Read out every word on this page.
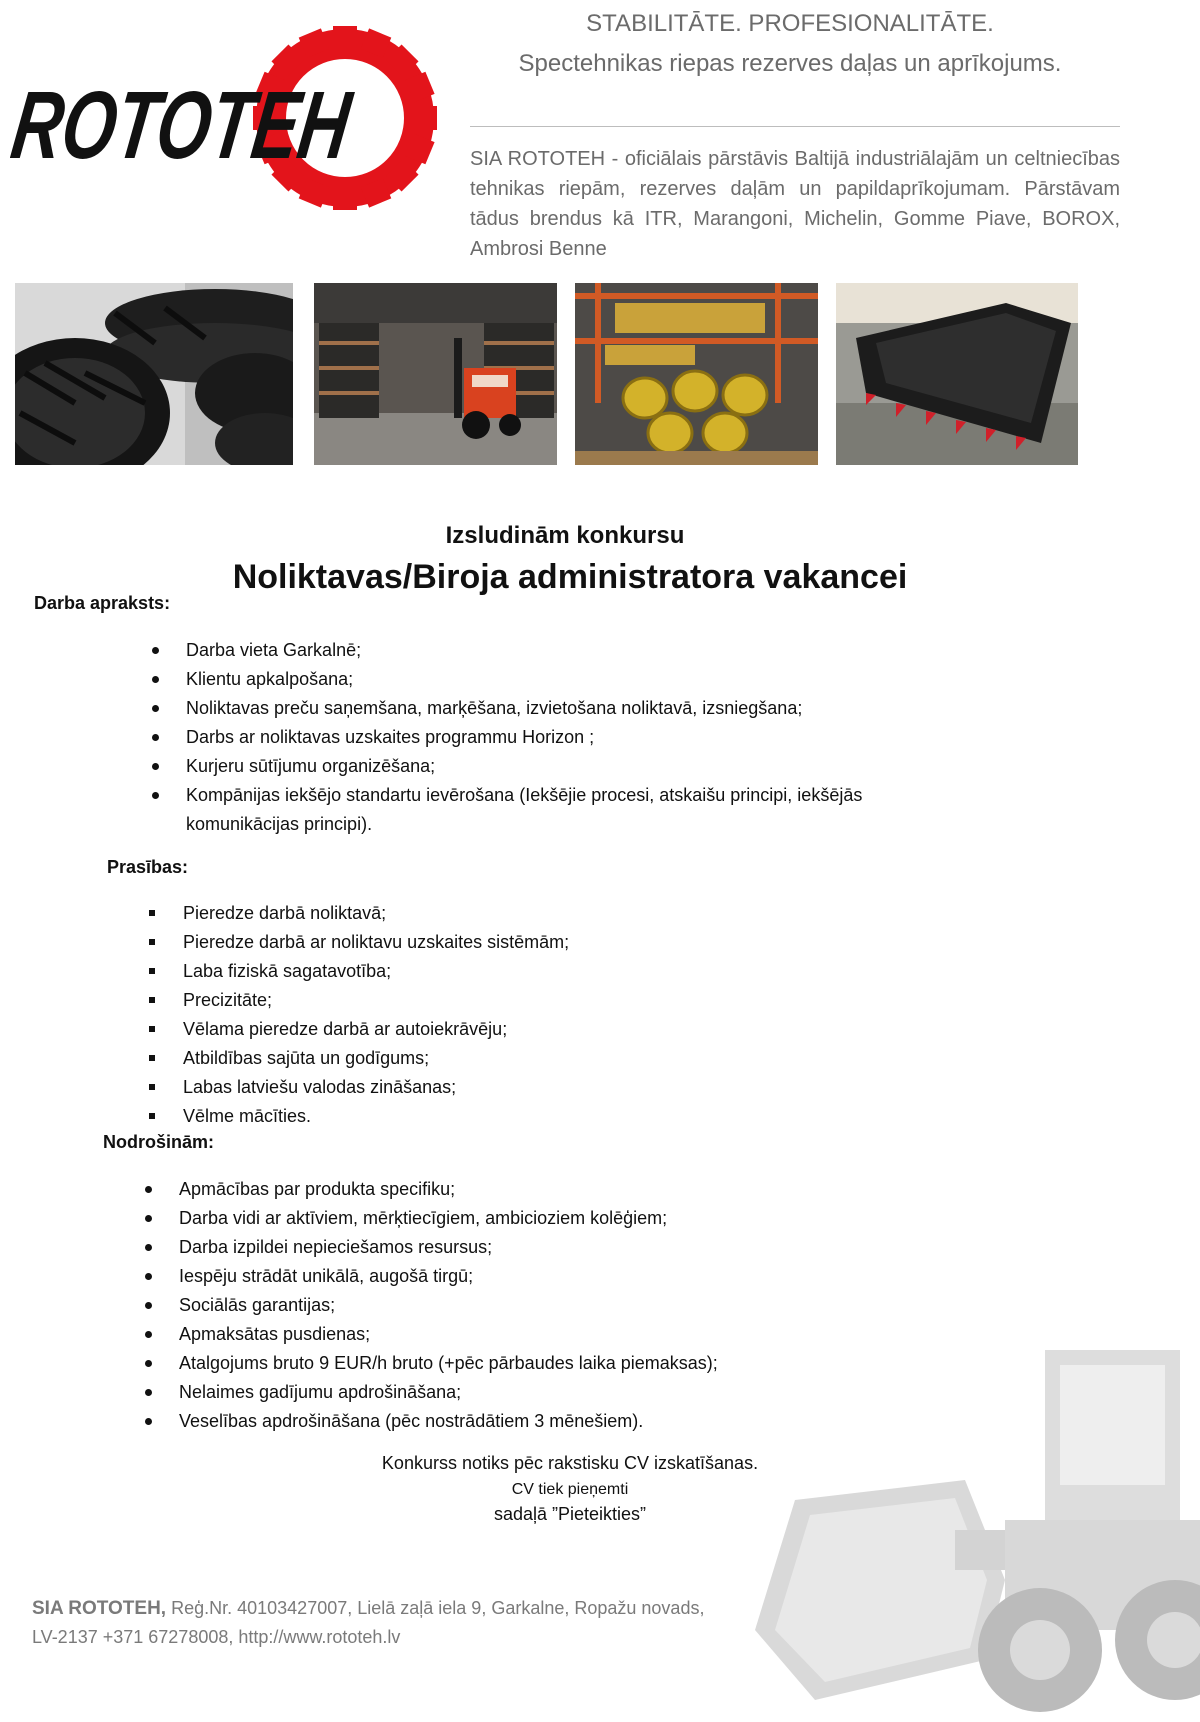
ROTOTEH
STABILITĀTE. PROFESIONALITĀTE.
Spectehnikas riepas rezerves daļas un aprīkojums.

SIA ROTOTEH - oficiālais pārstāvis Baltijā industriālajām un celtniecības tehnikas riepām, rezerves daļām un papildaprīkojumam. Pārstāvam tādus brendus kā ITR, Marangoni, Michelin, Gomme Piave, BOROX, Ambrosi Benne

Izsludinām konkursu
Noliktavas/Biroja administratora vakancei
Darba apraksts:
Darba vieta Garkalnē;
Klientu apkalpošana;
Noliktavas preču saņemšana, marķēšana, izvietošana noliktavā, izsniegšana;
Darbs ar noliktavas uzskaites programmu Horizon ;
Kurjeru sūtījumu organizēšana;
Kompānijas iekšējo standartu ievērošana (Iekšējie procesi, atskaišu principi, iekšējās komunikācijas principi).
Prasības:
Pieredze darbā noliktavā;
Pieredze darbā ar noliktavu uzskaites sistēmām;
Laba fiziskā sagatavotība;
Precizitāte;
Vēlama pieredze darbā ar autoiekrāvēju;
Atbildības sajūta un godīgums;
Labas latviešu valodas zināšanas;
Vēlme mācīties.
Nodrošinām:
Apmācības par produkta specifiku;
Darba vidi ar aktīviem, mērķtiecīgiem, ambicioziem kolēģiem;
Darba izpildei nepieciešamos resursus;
Iespēju strādāt unikālā, augošā tirgū;
Sociālās garantijas;
Apmaksātas pusdienas;
Atalgojums bruto 9 EUR/h bruto (+pēc pārbaudes laika piemaksas);
Nelaimes gadījumu apdrošināšana;
Veselības apdrošināšana (pēc nostrādātiem 3 mēnešiem).
Konkurss notiks pēc rakstisku CV izskatīšanas.
CV tiek pieņemti
sadaļā ”Pieteikties”
SIA ROTOTEH, Reģ.Nr. 40103427007, Lielā zaļā iela 9, Garkalne, Ropažu novads,
LV-2137 +371 67278008, http://www.rototeh.lv
